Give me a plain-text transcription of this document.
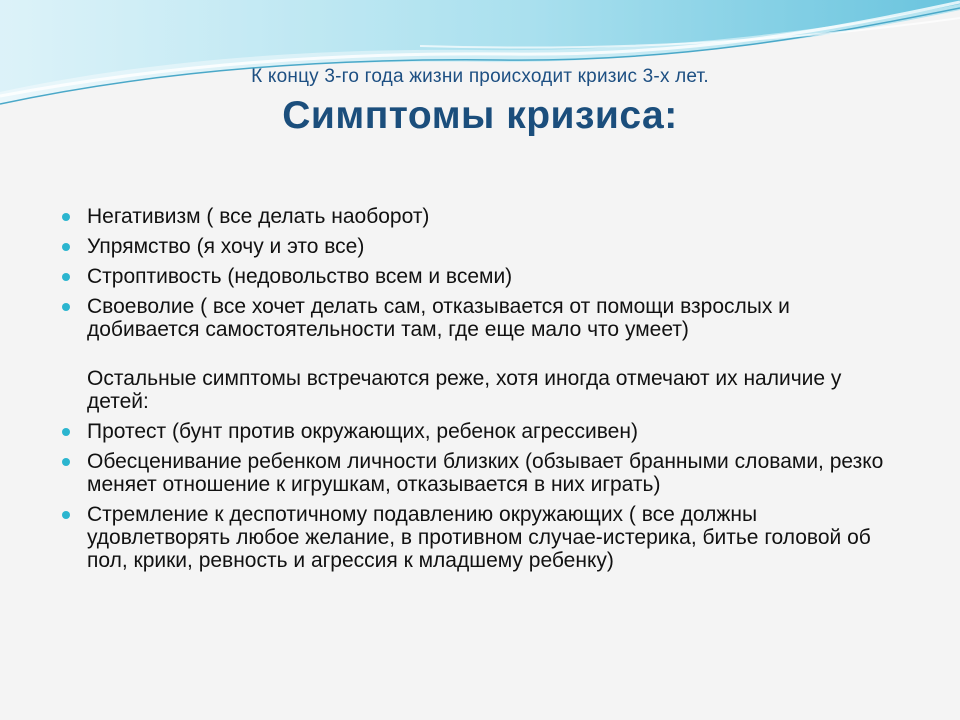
К концу 3-го года жизни происходит кризис 3-х лет.
Симптомы кризиса:
Негативизм ( все делать наоборот)
Упрямство (я хочу и это все)
Строптивость (недовольство всем и всеми)
Своеволие ( все хочет делать сам, отказывается от помощи взрослых и добивается самостоятельности там, где еще мало что умеет)
Остальные симптомы встречаются реже, хотя иногда отмечают их наличие у детей:
Протест (бунт против окружающих, ребенок агрессивен)
Обесценивание ребенком личности близких (обзывает бранными словами, резко меняет отношение к игрушкам, отказывается в них играть)
Стремление к деспотичному подавлению окружающих ( все должны удовлетворять любое желание, в противном случае-истерика, битье головой об пол, крики, ревность и агрессия к младшему ребенку)
